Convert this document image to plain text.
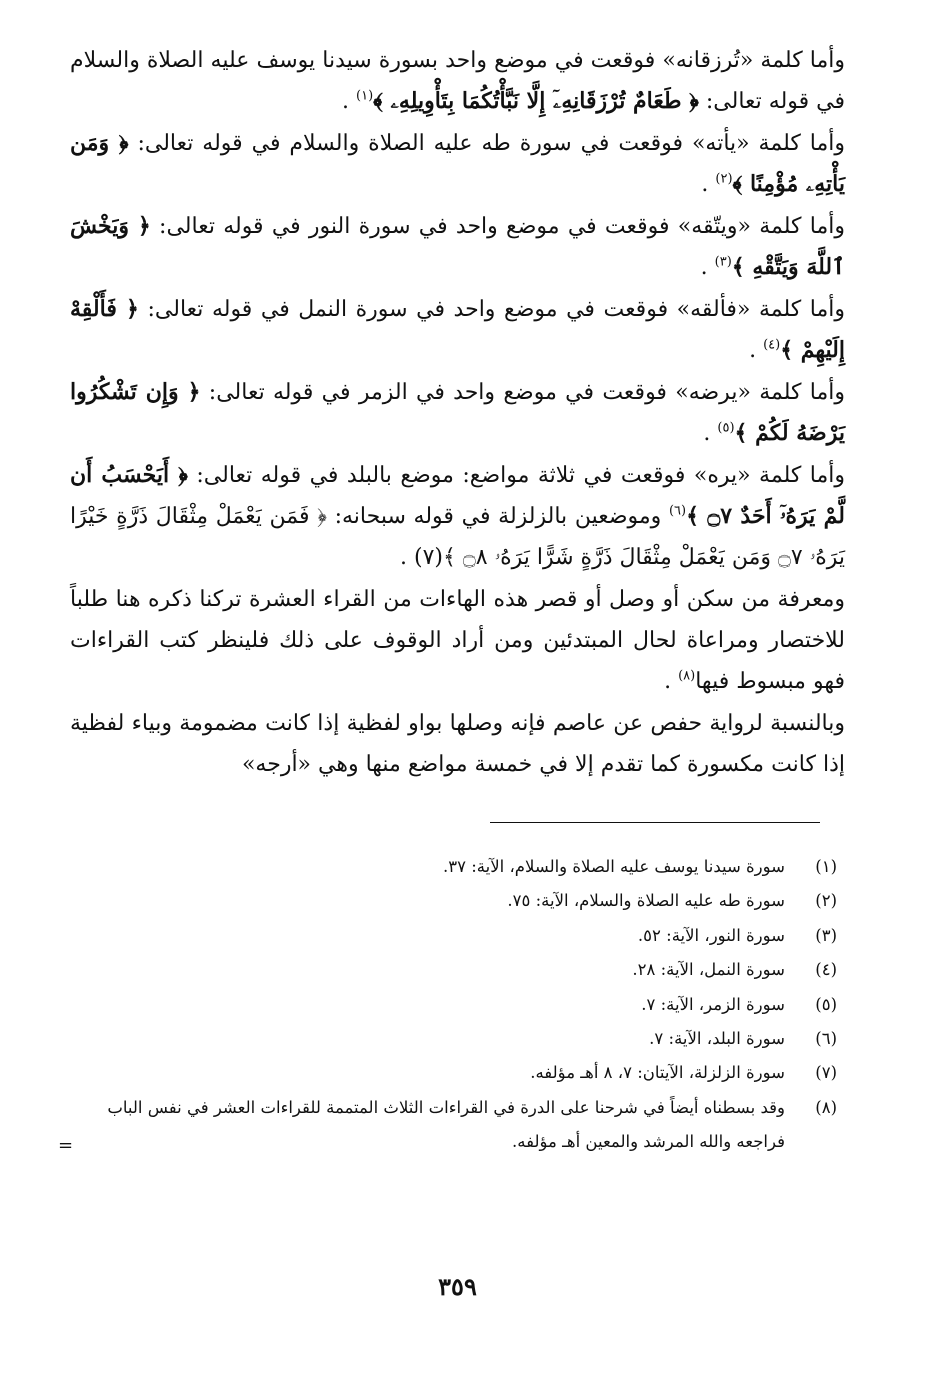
وأما كلمة «تُرزقانه» فوقعت في موضع واحد بسورة سيدنا يوسف عليه الصلاة والسلام في قوله تعالى: ﴿ طَعَامٌ تُرْزَقَانِهِۦٓ إِلَّا نَبَّأْتُكُمَا بِتَأْوِيلِهِۦ ﴾$^{(١)}$ .

وأما كلمة «يأته» فوقعت في سورة طه عليه الصلاة والسلام في قوله تعالى: ﴿ وَمَن يَأْتِهِۦ مُؤْمِنًا ﴾$^{(٢)}$ .

وأما كلمة «ويتّقه» فوقعت في موضع واحد في سورة النور في قوله تعالى: ﴿ وَيَخْشَ ٱللَّهَ وَيَتَّقْهِ ﴾$^{(٣)}$ .

وأما كلمة «فألقه» فوقعت في موضع واحد في سورة النمل في قوله تعالى: ﴿ فَأَلْقِهْ إِلَيْهِمْ ﴾$^{(٤)}$ .

وأما كلمة «يرضه» فوقعت في موضع واحد في الزمر في قوله تعالى: ﴿ وَإِن تَشْكُرُوا يَرْضَهُ لَكُمْ ﴾$^{(٥)}$ .

وأما كلمة «يره» فوقعت في ثلاثة مواضع: موضع بالبلد في قوله تعالى: ﴿ أَيَحْسَبُ أَن لَّمْ يَرَهُۥٓ أَحَدٌ ۝٧ ﴾$^{(٦)}$ وموضعين بالزلزلة في قوله سبحانه: ﴿ فَمَن يَعْمَلْ مِثْقَالَ ذَرَّةٍ خَيْرًا يَرَهُۥ ۝٧ وَمَن يَعْمَلْ مِثْقَالَ ذَرَّةٍ شَرًّا يَرَهُۥ ۝٨ ﴾(٧) .

ومعرفة من سكن أو وصل أو قصر هذه الهاءات من القراء العشرة تركنا ذكره هنا طلباً للاختصار ومراعاة لحال المبتدئين ومن أراد الوقوف على ذلك فلينظر كتب القراءات فهو مبسوط فيها$^{(٨)}$ .

وبالنسبة لرواية حفص عن عاصم فإنه وصلها بواو لفظية إذا كانت مضمومة وبياء لفظية إذا كانت مكسورة كما تقدم إلا في خمسة مواضع منها وهي «أرجه»

(١)
سورة سيدنا يوسف عليه الصلاة والسلام، الآية: ٣٧.
(٢)
سورة طه عليه الصلاة والسلام، الآية: ٧٥.
(٣)
سورة النور، الآية: ٥٢.
(٤)
سورة النمل، الآية: ٢٨.
(٥)
سورة الزمر، الآية: ٧.
(٦)
سورة البلد، الآية: ٧.
(٧)
سورة الزلزلة، الآيتان: ٧، ٨ أهـ مؤلفه.
(٨)
وقد بسطناه أيضاً في شرحنا على الدرة في القراءات الثلاث المتممة للقراءات العشر في نفس الباب فراجعه والله المرشد والمعين أهـ مؤلفه.
=
٣٥٩
